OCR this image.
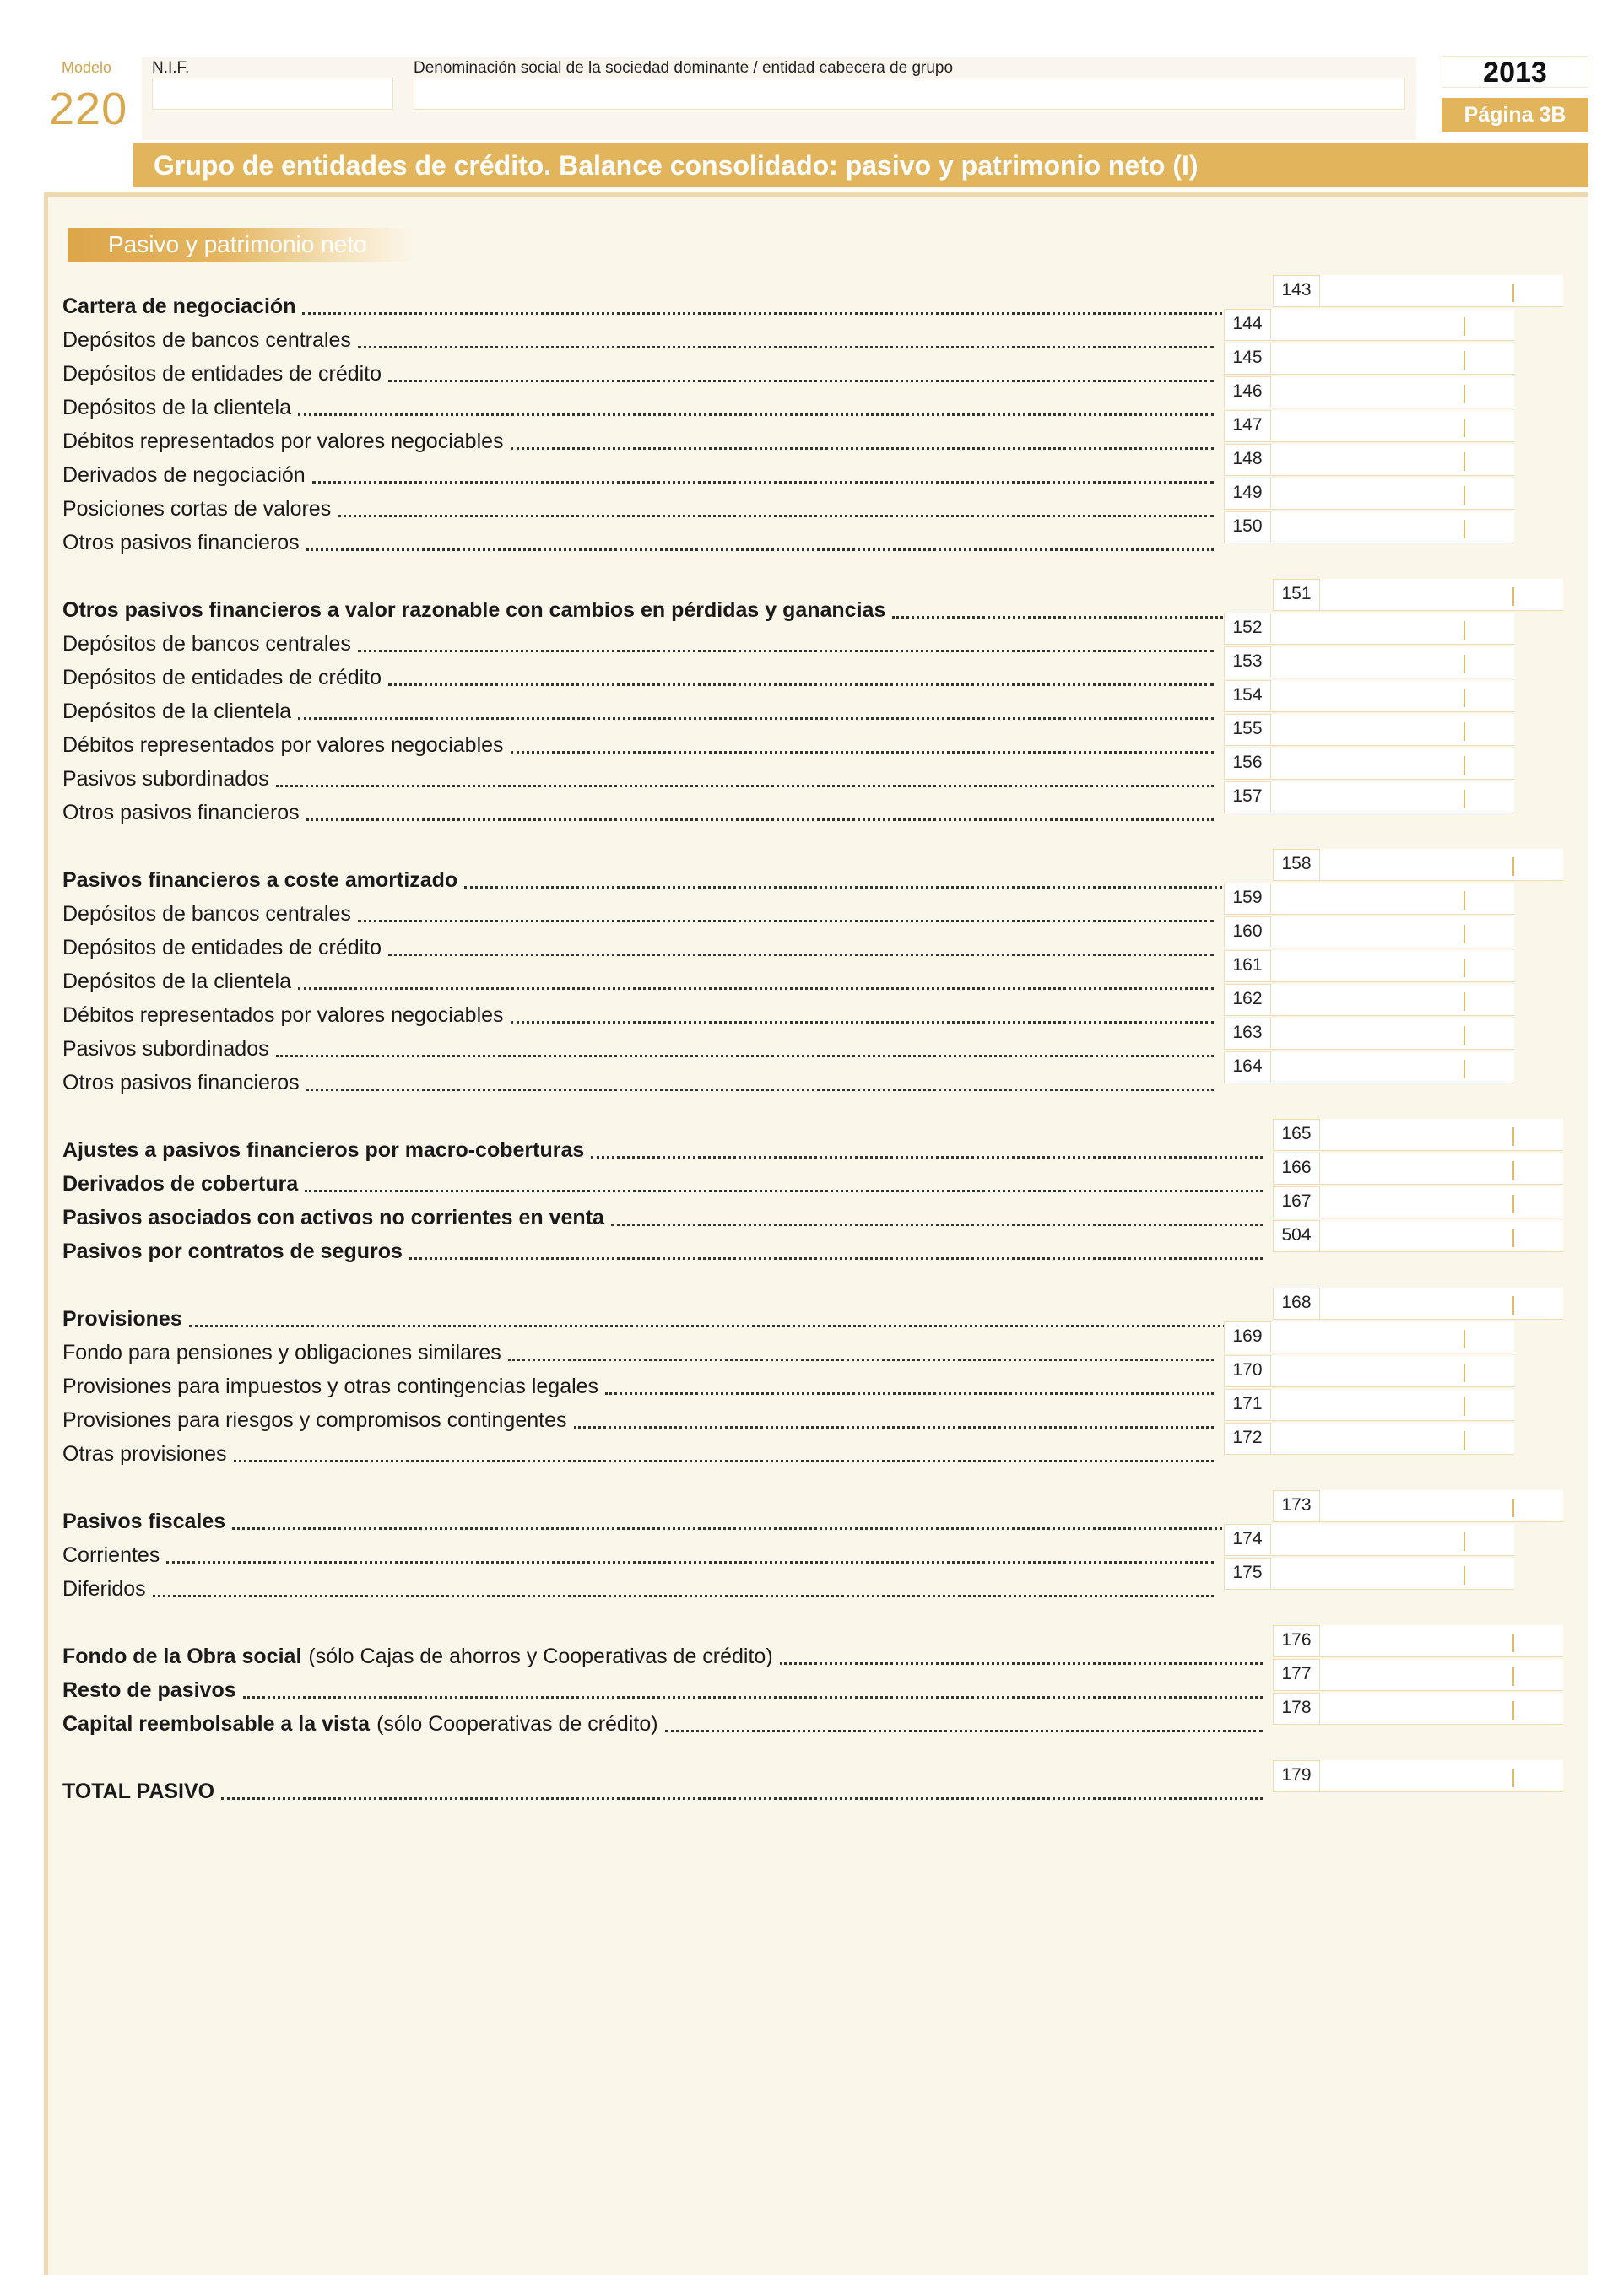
Modelo
220
N.I.F.	Denominación social de la sociedad dominante / entidad cabecera de grupo	2013
Página 3B
Grupo de entidades de crédito. Balance consolidado: pasivo y patrimonio neto (I)
Pasivo y patrimonio neto
Cartera de negociación
143
Depósitos de bancos centrales
144
Depósitos de entidades de crédito
145
Depósitos de la clientela
146
Débitos representados por valores negociables
147
Derivados de negociación
148
Posiciones cortas de valores
149
Otros pasivos financieros
150
Otros pasivos financieros a valor razonable con cambios en pérdidas y ganancias
151
Depósitos de bancos centrales
152
Depósitos de entidades de crédito
153
Depósitos de la clientela
154
Débitos representados por valores negociables
155
Pasivos subordinados
156
Otros pasivos financieros
157
Pasivos financieros a coste amortizado
158
Depósitos de bancos centrales
159
Depósitos de entidades de crédito
160
Depósitos de la clientela
161
Débitos representados por valores negociables
162
Pasivos subordinados
163
Otros pasivos financieros
164
Ajustes a pasivos financieros por macro-coberturas
165
Derivados de cobertura
166
Pasivos asociados con activos no corrientes en venta
167
Pasivos por contratos de seguros
504
Provisiones
168
Fondo para pensiones y obligaciones similares
169
Provisiones para impuestos y otras contingencias legales
170
Provisiones para riesgos y compromisos contingentes
171
Otras provisiones
172
Pasivos fiscales
173
Corrientes
174
Diferidos
175
Fondo de la Obra social (sólo Cajas de ahorros y Cooperativas de crédito)
176
Resto de pasivos
177
Capital reembolsable a la vista (sólo Cooperativas de crédito)
178
TOTAL PASIVO
179
